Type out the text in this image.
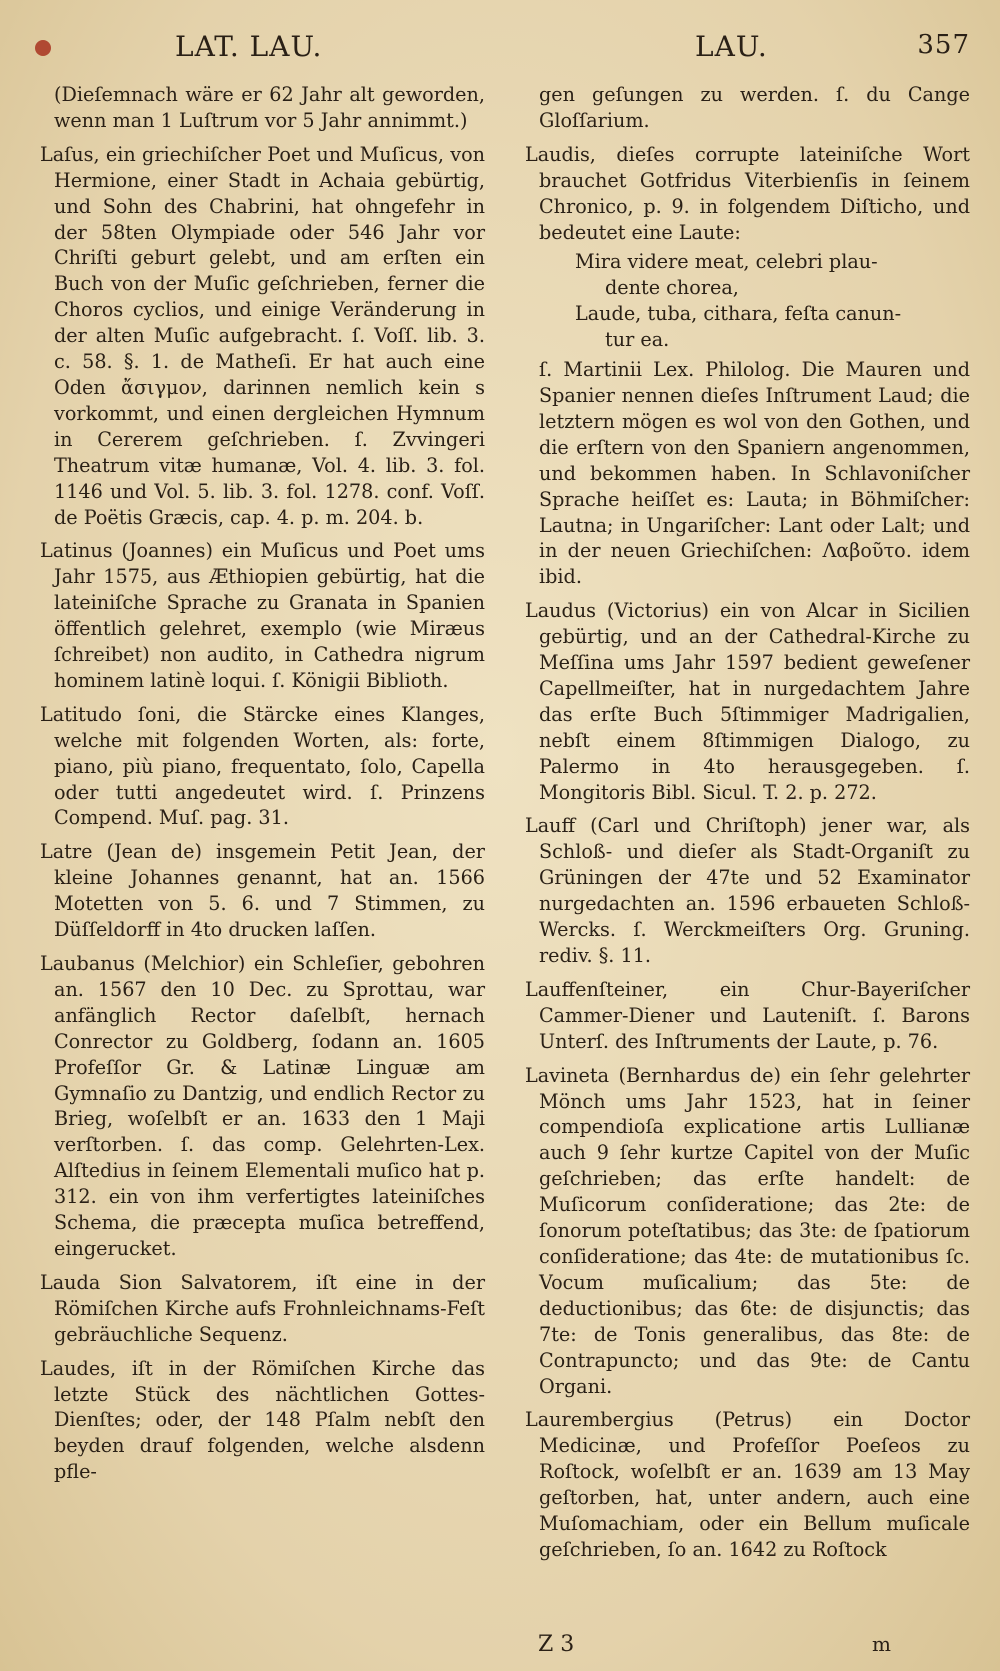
LAT. LAU.	LAU.	357

(Dieſemnach wäre er 62 Jahr alt geworden, wenn man 1 Luſtrum vor 5 Jahr annimmt.)

Laſus, ein griechiſcher Poet und Muſicus, von Hermione, einer Stadt in Achaia gebürtig, und Sohn des Chabrini, hat ohngefehr in der 58ten Olympiade oder 546 Jahr vor Chriſti geburt gelebt, und am erſten ein Buch von der Muſic geſchrieben, ferner die Choros cyclios, und einige Veränderung in der alten Muſic aufgebracht. ſ. Voſſ. lib. 3. c. 58. §. 1. de Matheſi. Er hat auch eine Oden ἄσιγμον, darinnen nemlich kein s vorkommt, und einen dergleichen Hymnum in Cererem geſchrieben. ſ. Zvvingeri Theatrum vitæ humanæ, Vol. 4. lib. 3. fol. 1146 und Vol. 5. lib. 3. fol. 1278. conf. Voſſ. de Poëtis Græcis, cap. 4. p. m. 204. b.

Latinus (Joannes) ein Muſicus und Poet ums Jahr 1575, aus Æthiopien gebürtig, hat die lateiniſche Sprache zu Granata in Spanien öffentlich gelehret, exemplo (wie Miræus ſchreibet) non audito, in Cathedra nigrum hominem latinè loqui. ſ. Königii Biblioth.

Latitudo ſoni, die Stärcke eines Klanges, welche mit folgenden Worten, als: forte, piano, più piano, frequentato, ſolo, Capella oder tutti angedeutet wird. ſ. Prinzens Compend. Muſ. pag. 31.

Latre (Jean de) insgemein Petit Jean, der kleine Johannes genannt, hat an. 1566 Motetten von 5. 6. und 7 Stimmen, zu Düſſeldorff in 4to drucken laſſen.

Laubanus (Melchior) ein Schleſier, gebohren an. 1567 den 10 Dec. zu Sprottau, war anfänglich Rector daſelbſt, hernach Conrector zu Goldberg, ſodann an. 1605 Profeſſor Gr. & Latinæ Linguæ am Gymnaſio zu Dantzig, und endlich Rector zu Brieg, woſelbſt er an. 1633 den 1 Maji verſtorben. ſ. das comp. Gelehrten-Lex. Alſtedius in ſeinem Elementali muſico hat p. 312. ein von ihm verfertigtes lateiniſches Schema, die præcepta muſica betreffend, eingerucket.

Lauda Sion Salvatorem, iſt eine in der Römiſchen Kirche aufs Frohnleichnams-Feſt gebräuchliche Sequenz.

Laudes, iſt in der Römiſchen Kirche das letzte Stück des nächtlichen Gottes-Dienſtes; oder, der 148 Pſalm nebſt den beyden drauf folgenden, welche alsdenn pfle-

gen geſungen zu werden. ſ. du Cange Gloſſarium.

Laudis, dieſes corrupte lateiniſche Wort brauchet Gotfridus Viterbienſis in ſeinem Chronico, p. 9. in folgendem Diſticho, und bedeutet eine Laute:

Mira videre meat, celebri plau-
dente chorea,
Laude, tuba, cithara, feſta canun-
tur ea.

ſ. Martinii Lex. Philolog. Die Mauren und Spanier nennen dieſes Inſtrument Laud; die letztern mögen es wol von den Gothen, und die erſtern von den Spaniern angenommen, und bekommen haben. In Schlavoniſcher Sprache heiſſet es: Lauta; in Böhmiſcher: Lautna; in Ungariſcher: Lant oder Lalt; und in der neuen Griechiſchen: Λαβοῦτο. idem ibid.

Laudus (Victorius) ein von Alcar in Sicilien gebürtig, und an der Cathedral-Kirche zu Meſſina ums Jahr 1597 bedient geweſener Capellmeiſter, hat in nurgedachtem Jahre das erſte Buch 5ſtimmiger Madrigalien, nebſt einem 8ſtimmigen Dialogo, zu Palermo in 4to herausgegeben. ſ. Mongitoris Bibl. Sicul. T. 2. p. 272.

Lauff (Carl und Chriſtoph) jener war, als Schloß- und dieſer als Stadt-Organiſt zu Grüningen der 47te und 52 Examinator nurgedachten an. 1596 erbaueten Schloß-Wercks. ſ. Werckmeiſters Org. Gruning. rediv. §. 11.

Lauffenſteiner, ein Chur-Bayeriſcher Cammer-Diener und Lauteniſt. ſ. Barons Unterſ. des Inſtruments der Laute, p. 76.

Lavineta (Bernhardus de) ein ſehr gelehrter Mönch ums Jahr 1523, hat in ſeiner compendioſa explicatione artis Lullianæ auch 9 ſehr kurtze Capitel von der Muſic geſchrieben; das erſte handelt: de Muſicorum conſideratione; das 2te: de ſonorum poteſtatibus; das 3te: de ſpatiorum conſideratione; das 4te: de mutationibus ſc. Vocum muſicalium; das 5te: de deductionibus; das 6te: de disjunctis; das 7te: de Tonis generalibus, das 8te: de Contrapuncto; und das 9te: de Cantu Organi.

Laurembergius (Petrus) ein Doctor Medicinæ, und Profeſſor Poeſeos zu Roſtock, woſelbſt er an. 1639 am 13 May geſtorben, hat, unter andern, auch eine Muſomachiam, oder ein Bellum muſicale geſchrieben, ſo an. 1642 zu Roſtock

Z 3	m
